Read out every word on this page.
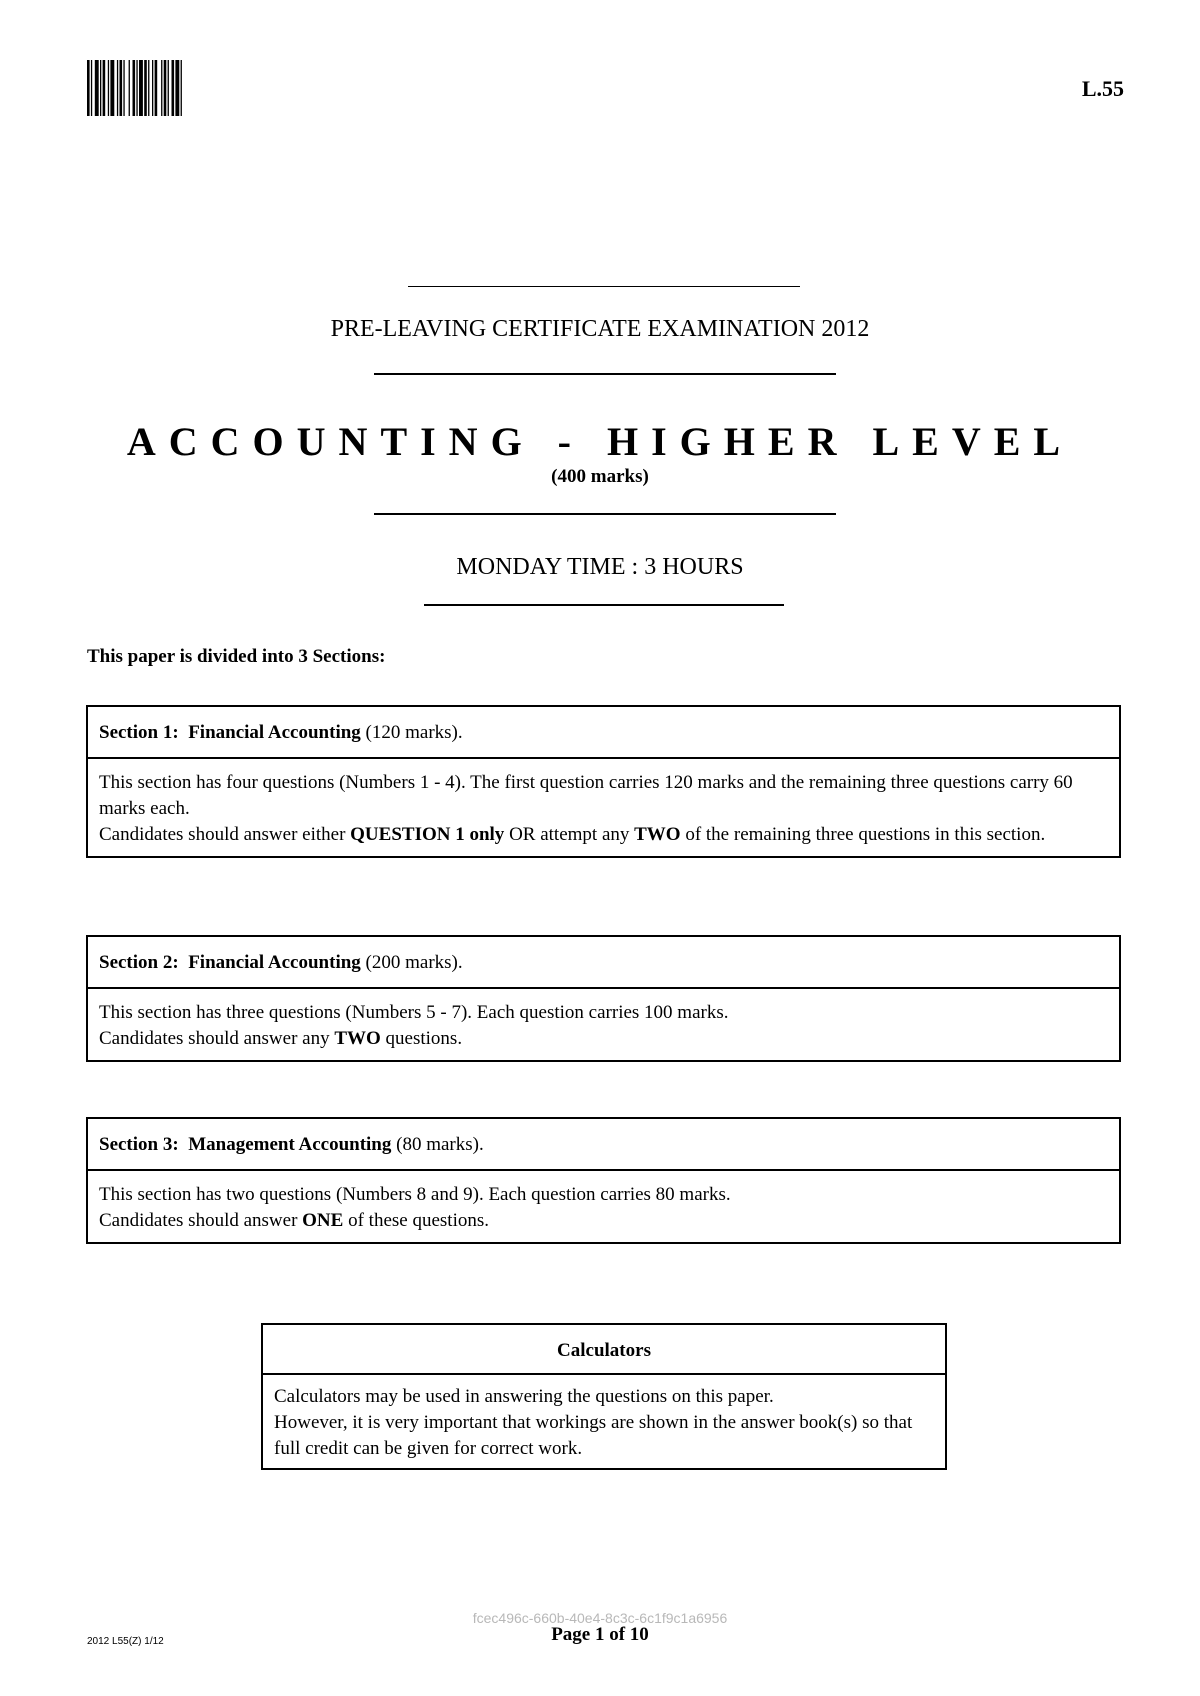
L.55
PRE-LEAVING CERTIFICATE EXAMINATION 2012
ACCOUNTING - HIGHER LEVEL
(400 marks)
MONDAY TIME : 3 HOURS
This paper is divided into 3 Sections:
Section 1: Financial Accounting (120 marks).

This section has four questions (Numbers 1 - 4). The first question carries 120 marks and the remaining three questions carry 60 marks each.

Candidates should answer either QUESTION 1 only OR attempt any TWO of the remaining three questions in this section.

Section 2: Financial Accounting (200 marks).

This section has three questions (Numbers 5 - 7). Each question carries 100 marks.

Candidates should answer any TWO questions.

Section 3: Management Accounting (80 marks).

This section has two questions (Numbers 8 and 9). Each question carries 80 marks.

Candidates should answer ONE of these questions.

Calculators

Calculators may be used in answering the questions on this paper.

However, it is very important that workings are shown in the answer book(s) so that full credit can be given for correct work.

fcec496c-660b-40e4-8c3c-6c1f9c1a6956
2012 L55(Z) 1/12	Page 1 of 10
